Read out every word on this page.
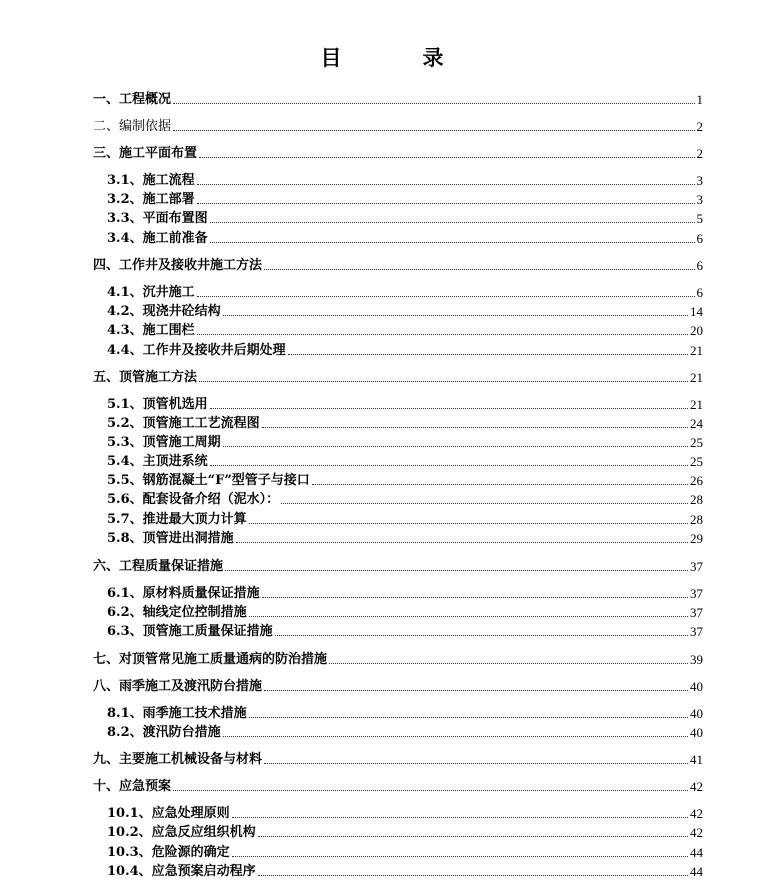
目　录
一、工程概况	1
二、编制依据	2
三、施工平面布置	2
3.1、施工流程	3
3.2、施工部署	3
3.3、平面布置图	5
3.4、施工前准备	6
四、工作井及接收井施工方法	6
4.1、沉井施工	6
4.2、现浇井砼结构	14
4.3、施工围栏	20
4.4、工作井及接收井后期处理	21
五、顶管施工方法	21
5.1、顶管机选用	21
5.2、顶管施工工艺流程图	24
5.3、顶管施工周期	25
5.4、主顶进系统	25
5.5、钢筋混凝土“F”型管子与接口	26
5.6、配套设备介绍（泥水）：	28
5.7、推进最大顶力计算	28
5.8、顶管进出洞措施	29
六、工程质量保证措施	37
6.1、原材料质量保证措施	37
6.2、轴线定位控制措施	37
6.3、顶管施工质量保证措施	37
七、对顶管常见施工质量通病的防治措施	39
八、雨季施工及渡汛防台措施	40
8.1、雨季施工技术措施	40
8.2、渡汛防台措施	40
九、主要施工机械设备与材料	41
十、应急预案	42
10.1、应急处理原则	42
10.2、应急反应组织机构	42
10.3、危险源的确定	44
10.4、应急预案启动程序	44
